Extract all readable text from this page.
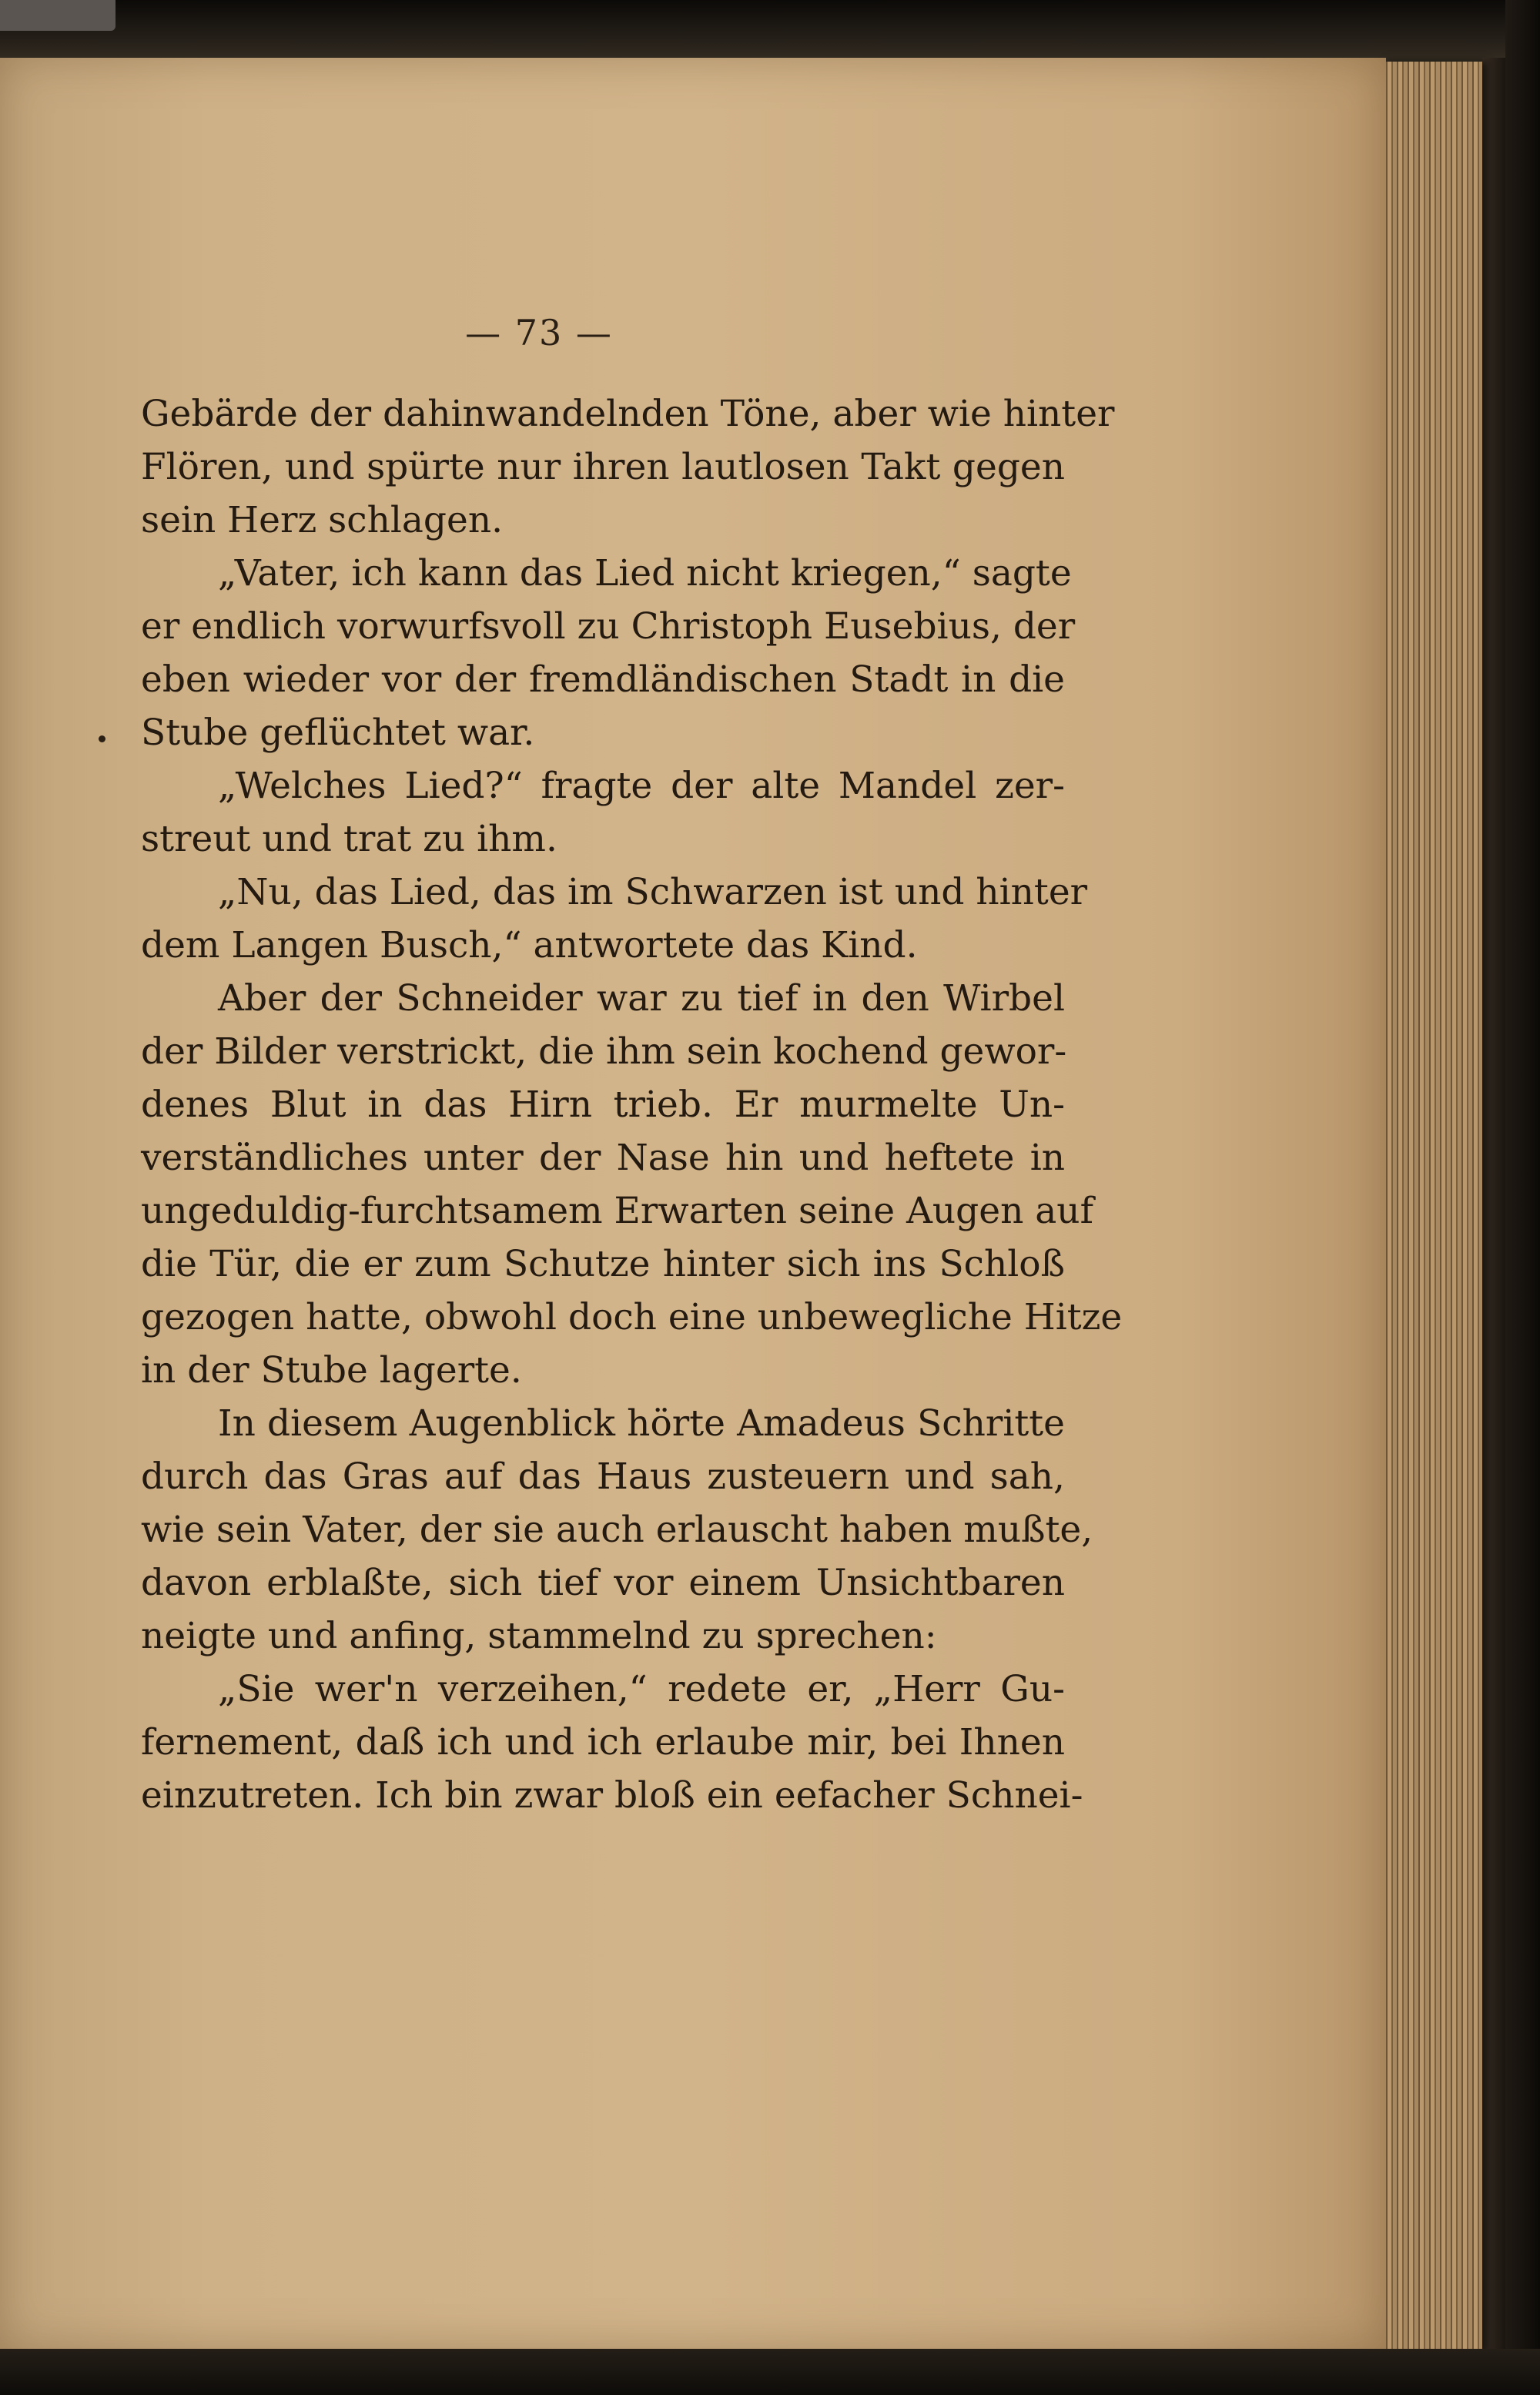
— 73 —
Gebärde der dahinwandelnden Töne, aber wie hinter
Flören, und spürte nur ihren lautlosen Takt gegen
sein Herz schlagen.
„Vater, ich kann das Lied nicht kriegen,“ sagte
er endlich vorwurfsvoll zu Christoph Eusebius, der
eben wieder vor der fremdländischen Stadt in die
Stube geflüchtet war.
„Welches Lied?“ fragte der alte Mandel zer-
streut und trat zu ihm.
„Nu, das Lied, das im Schwarzen ist und hinter
dem Langen Busch,“ antwortete das Kind.
Aber der Schneider war zu tief in den Wirbel
der Bilder verstrickt, die ihm sein kochend gewor-
denes Blut in das Hirn trieb. Er murmelte Un-
verständliches unter der Nase hin und heftete in
ungeduldig-furchtsamem Erwarten seine Augen auf
die Tür, die er zum Schutze hinter sich ins Schloß
gezogen hatte, obwohl doch eine unbewegliche Hitze
in der Stube lagerte.
In diesem Augenblick hörte Amadeus Schritte
durch das Gras auf das Haus zusteuern und sah,
wie sein Vater, der sie auch erlauscht haben mußte,
davon erblaßte, sich tief vor einem Unsichtbaren
neigte und anfing, stammelnd zu sprechen:
„Sie wer'n verzeihen,“ redete er, „Herr Gu-
fernement, daß ich und ich erlaube mir, bei Ihnen
einzutreten. Ich bin zwar bloß ein eefacher Schnei-
